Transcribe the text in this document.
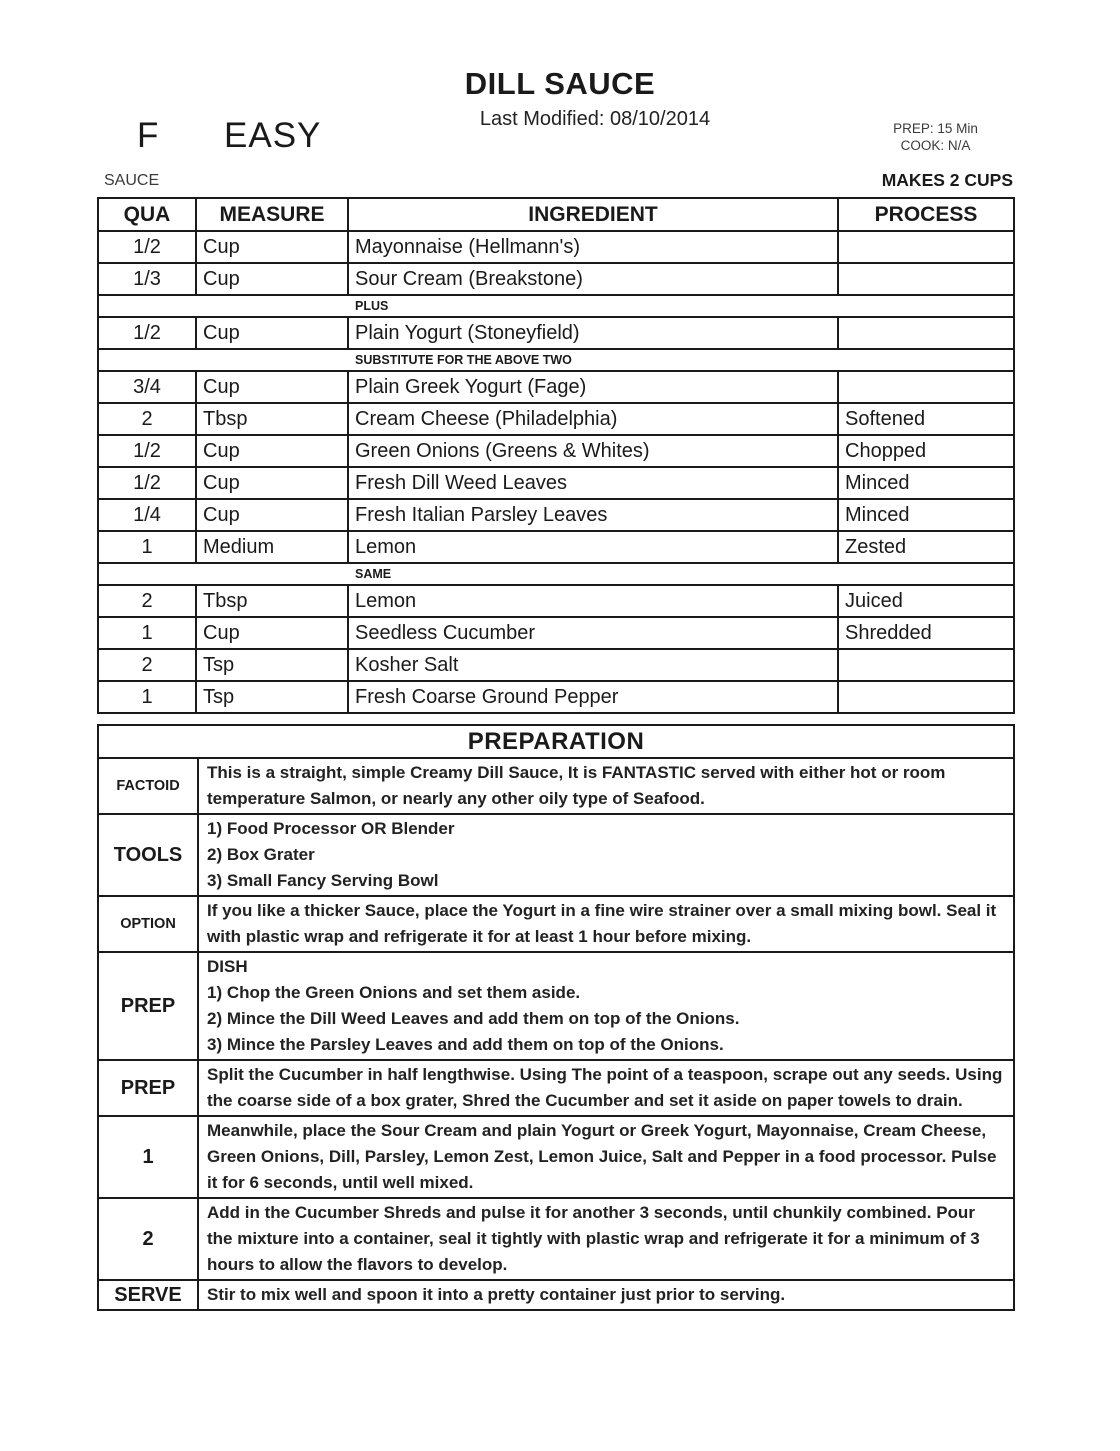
DILL SAUCE
Last Modified: 08/10/2014
F EASY	PREP: 15 Min
COOK: N/A
SAUCE	MAKES 2 CUPS
QUA	MEASURE	INGREDIENT	PROCESS
1/2	Cup	Mayonnaise (Hellmann's)	
1/3	Cup	Sour Cream (Breakstone)	
PLUS			
1/2	Cup	Plain Yogurt (Stoneyfield)	
SUBSTITUTE FOR THE ABOVE TWO			
3/4	Cup	Plain Greek Yogurt (Fage)	
2	Tbsp	Cream Cheese (Philadelphia)	Softened
1/2	Cup	Green Onions (Greens & Whites)	Chopped
1/2	Cup	Fresh Dill Weed Leaves	Minced
1/4	Cup	Fresh Italian Parsley Leaves	Minced
1	Medium	Lemon	Zested
SAME			
2	Tbsp	Lemon	Juiced
1	Cup	Seedless Cucumber	Shredded
2	Tsp	Kosher Salt	
1	Tsp	Fresh Coarse Ground Pepper	
PREPARATION	
FACTOID	This is a straight, simple Creamy Dill Sauce, It is FANTASTIC served with either hot or room temperature Salmon, or nearly any other oily type of Seafood.

TOOLS	1) Food Processor OR Blender
2) Box Grater
3) Small Fancy Serving Bowl

OPTION	If you like a thicker Sauce, place the Yogurt in a fine wire strainer over a small mixing bowl. Seal it with plastic wrap and refrigerate it for at least 1 hour before mixing.

PREP	DISH
1) Chop the Green Onions and set them aside.
2) Mince the Dill Weed Leaves and add them on top of the Onions.
3) Mince the Parsley Leaves and add them on top of the Onions.

PREP	Split the Cucumber in half lengthwise. Using The point of a teaspoon, scrape out any seeds. Using the coarse side of a box grater, Shred the Cucumber and set it aside on paper towels to drain.

1	Meanwhile, place the Sour Cream and plain Yogurt or Greek Yogurt, Mayonnaise, Cream Cheese, Green Onions, Dill, Parsley, Lemon Zest, Lemon Juice, Salt and Pepper in a food processor. Pulse it for 6 seconds, until well mixed.

2	Add in the Cucumber Shreds and pulse it for another 3 seconds, until chunkily combined. Pour the mixture into a container, seal it tightly with plastic wrap and refrigerate it for a minimum of 3 hours to allow the flavors to develop.

SERVE	Stir to mix well and spoon it into a pretty container just prior to serving.
